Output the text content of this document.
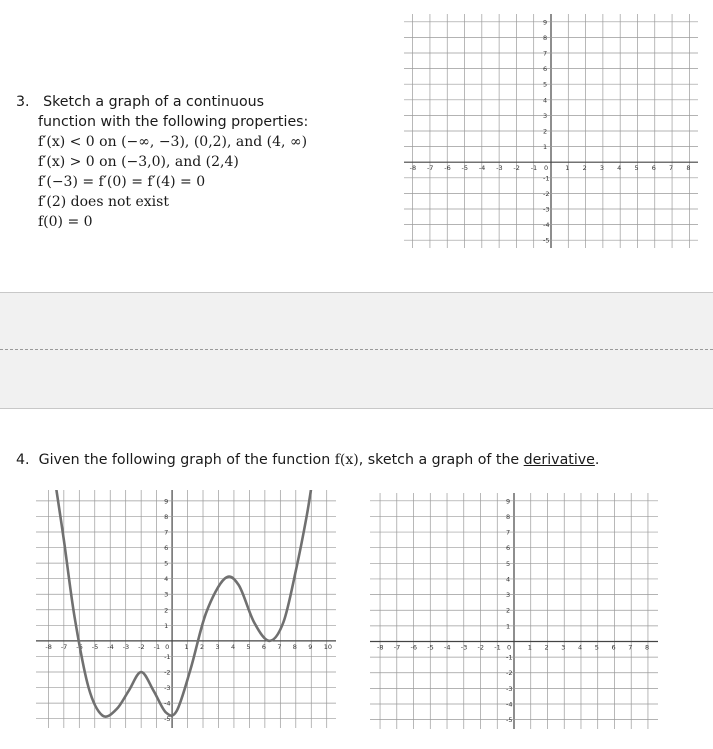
3. Sketch a graph of a continuous
function with the following properties:
f′(x) < 0 on (−∞, −3), (0,2), and (4, ∞)
f′(x) > 0 on (−3,0), and (2,4)
f′(−3) = f′(0) = f′(4) = 0
f′(2) does not exist
f(0) = 0
-8 -7 -6 -5 -4 -3 -2 -1 0	1 2 3 4 5 6 7 8
9
8
7
6
5
4
3
2
1
-1
-2
-3
-4
-5
4. Given the following graph of the function f(x), sketch a graph of the derivative.
-8 -7 -6 -5 -4 -3 -2 -1 0 1 2 3 4 5 6 7 8 9 10
9
8
7
6
5
4
3
2
1
-1
-2
-3
-4
-5
-8 -7 -6 -5 -4 -3 -2 -1 0	1 2 3 4 5 6 7 8
9
8
7
6
5
4
3
2
1
-1
-2
-3
-4
-5
